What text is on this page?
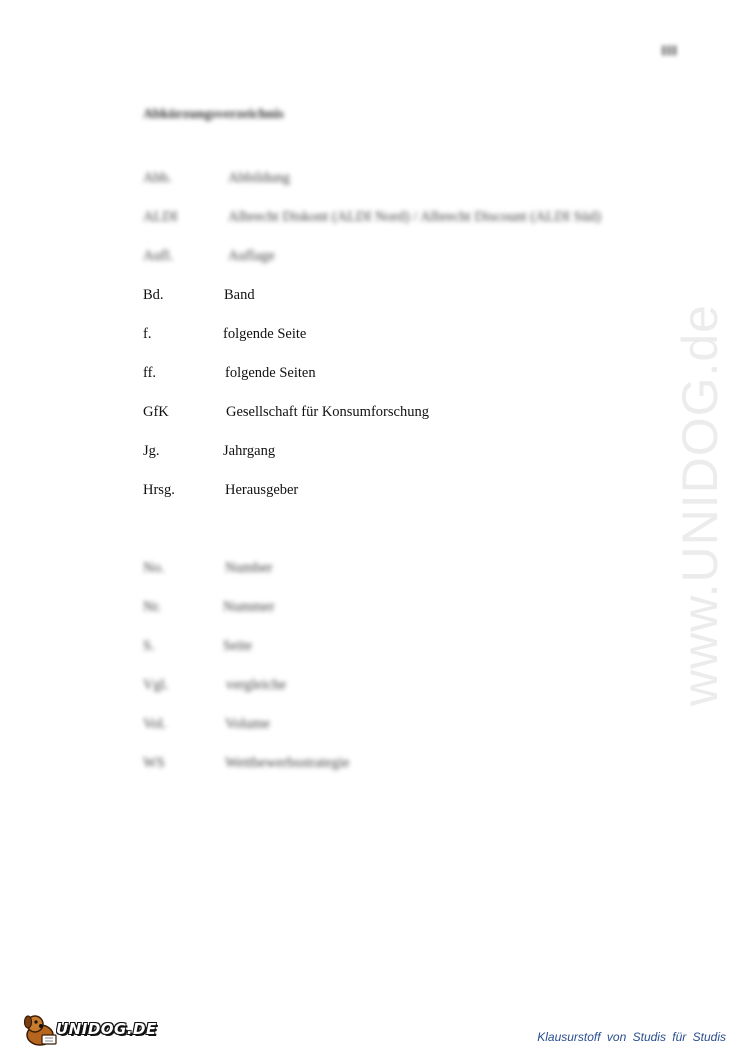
III
Abkürzungsverzeichnis
Abb.	Abbildung
ALDI	Albrecht Diskont (ALDI Nord) / Albrecht Discount (ALDI Süd)
Aufl.	Auflage
Bd.	Band
f.	folgende Seite
ff.	folgende Seiten
GfK	Gesellschaft für Konsumforschung
Jg.	Jahrgang
Hrsg.	Herausgeber
No.	Number
Nr.	Nummer
S.	Seite
Vgl.	vergleiche
Vol.	Volume
WS	Wettbewerbsstrategie
www.UNIDOG.de
UNIDOG.DE	Klausurstoff von Studis für Studis
